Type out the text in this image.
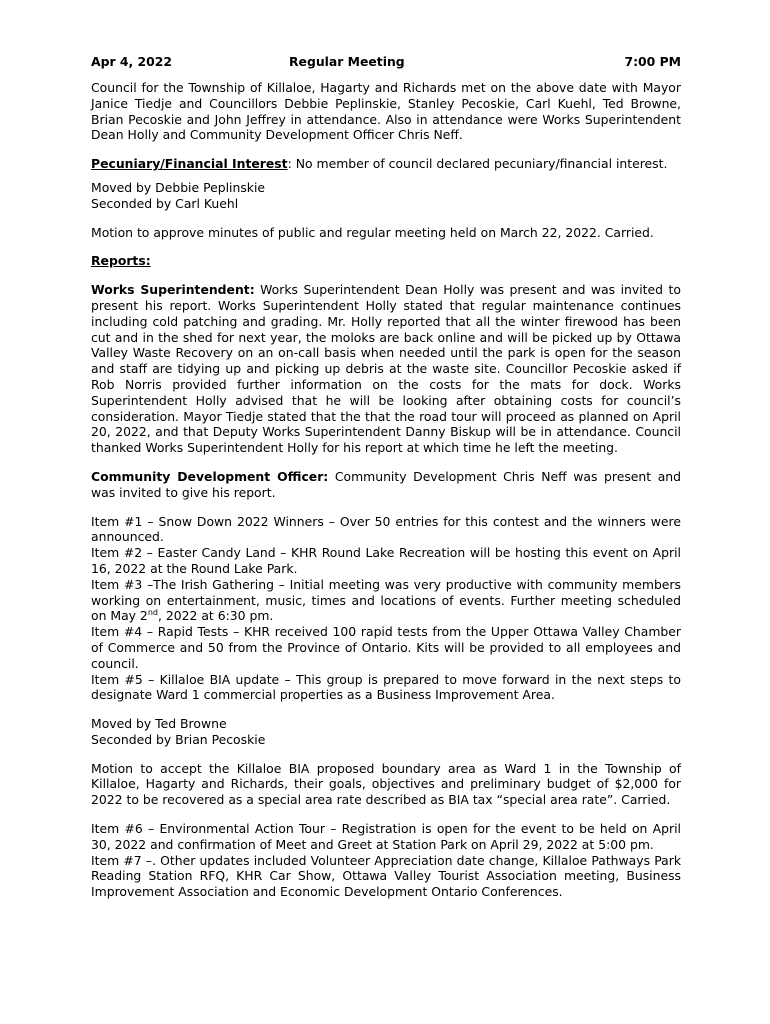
Apr 4, 2022	Regular Meeting	7:00 PM

Council for the Township of Killaloe, Hagarty and Richards met on the above date with Mayor Janice Tiedje and Councillors Debbie Peplinskie, Stanley Pecoskie, Carl Kuehl, Ted Browne, Brian Pecoskie and John Jeffrey in attendance. Also in attendance were Works Superintendent Dean Holly and Community Development Officer Chris Neff.

Pecuniary/Financial Interest: No member of council declared pecuniary/financial interest.

Moved by Debbie Peplinskie

Seconded by Carl Kuehl

Motion to approve minutes of public and regular meeting held on March 22, 2022. Carried.

Reports:

Works Superintendent: Works Superintendent Dean Holly was present and was invited to present his report. Works Superintendent Holly stated that regular maintenance continues including cold patching and grading. Mr. Holly reported that all the winter firewood has been cut and in the shed for next year, the moloks are back online and will be picked up by Ottawa Valley Waste Recovery on an on-call basis when needed until the park is open for the season and staff are tidying up and picking up debris at the waste site. Councillor Pecoskie asked if Rob Norris provided further information on the costs for the mats for dock. Works Superintendent Holly advised that he will be looking after obtaining costs for council’s consideration. Mayor Tiedje stated that the that the road tour will proceed as planned on April 20, 2022, and that Deputy Works Superintendent Danny Biskup will be in attendance. Council thanked Works Superintendent Holly for his report at which time he left the meeting.

Community Development Officer: Community Development Chris Neff was present and was invited to give his report.

Item #1 – Snow Down 2022 Winners – Over 50 entries for this contest and the winners were announced.

Item #2 – Easter Candy Land – KHR Round Lake Recreation will be hosting this event on April 16, 2022 at the Round Lake Park.

Item #3 –The Irish Gathering – Initial meeting was very productive with community members working on entertainment, music, times and locations of events. Further meeting scheduled on May 2nd, 2022 at 6:30 pm.

Item #4 – Rapid Tests – KHR received 100 rapid tests from the Upper Ottawa Valley Chamber of Commerce and 50 from the Province of Ontario. Kits will be provided to all employees and council.

Item #5 – Killaloe BIA update – This group is prepared to move forward in the next steps to designate Ward 1 commercial properties as a Business Improvement Area.

Moved by Ted Browne

Seconded by Brian Pecoskie

Motion to accept the Killaloe BIA proposed boundary area as Ward 1 in the Township of Killaloe, Hagarty and Richards, their goals, objectives and preliminary budget of $2,000 for 2022 to be recovered as a special area rate described as BIA tax “special area rate”. Carried.

Item #6 – Environmental Action Tour – Registration is open for the event to be held on April 30, 2022 and confirmation of Meet and Greet at Station Park on April 29, 2022 at 5:00 pm.

Item #7 –. Other updates included Volunteer Appreciation date change, Killaloe Pathways Park Reading Station RFQ, KHR Car Show, Ottawa Valley Tourist Association meeting, Business Improvement Association and Economic Development Ontario Conferences.
